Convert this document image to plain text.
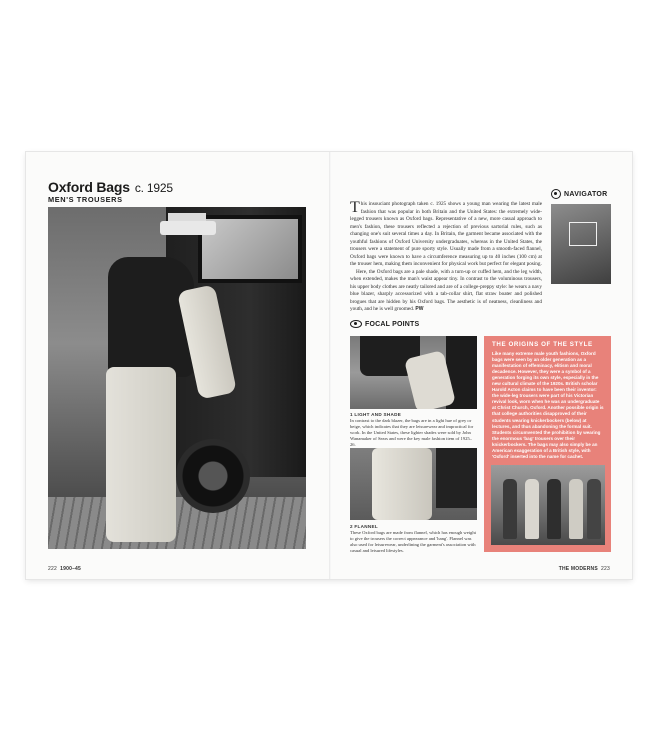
Oxford Bags c. 1925
MEN'S TROUSERS	This insouciant photograph taken c. 1925 shows a young man wearing the latest male fashion that was popular in both Britain and the United States: the extremely wide-legged trousers known as Oxford bags. Representative of a new, more casual approach to men's fashion, these trousers reflected a rejection of previous sartorial rules, such as changing one's suit several times a day. In Britain, the garment became associated with the youthful fashions of Oxford University undergraduates, whereas in the United States, the trousers were a statement of pure sporty style. Usually made from a smooth-faced flannel, Oxford bags were known to have a circumference measuring up to 40 inches (100 cm) at the trouser hem, making them inconvenient for physical work but perfect for elegant posing.

Here, the Oxford bags are a pale shade, with a turn-up or cuffed hem, and the leg width, when extended, makes the man's waist appear tiny. In contrast to the voluminous trousers, his upper body clothes are neatly tailored and are of a college-preppy style: he wears a navy blue blazer, sharply accessorized with a tab-collar shirt, flat straw boater and polished brogues that are hidden by his Oxford bags. The aesthetic is of neatness, cleanliness and youth, and he is well groomed. PW

NAVIGATOR
FOCAL POINTS
1 LIGHT AND SHADE
In contrast to the dark blazer, the bags are in a light hue of grey or beige, which indicates that they are leisurewear and impractical for work. In the United States, these lighter shades were sold by John Wanamaker of Sears and were the key male fashion item of 1925–26.
2 FLANNEL
These Oxford bags are made from flannel, which has enough weight to give the trousers the correct appearance and 'hang'. Flannel was also used for leisurewear, underlining the garment's association with casual and leisured lifestyles.
THE ORIGINS OF THE STYLE
Like many extreme male youth fashions, Oxford bags were seen by an older generation as a manifestation of effeminacy, elitism and moral decadence. However, they were a symbol of a generation forging its own style, especially in the new cultural climate of the 1920s. British scholar Harold Acton claims to have been their inventor: the wide-leg trousers were part of his Victorian revival look, worn when he was an undergraduate at Christ Church, Oxford. Another possible origin is that college authorities disapproved of their students wearing knickerbockers (below) at lectures, and thus abandoning the formal suit. Students circumvented the prohibition by wearing the enormous 'bag' trousers over their knickerbockers. The bags may also simply be an American exaggeration of a British style, with 'Oxford' inserted into the name for cachet.
222 1900–45	THE MODERNS 223
